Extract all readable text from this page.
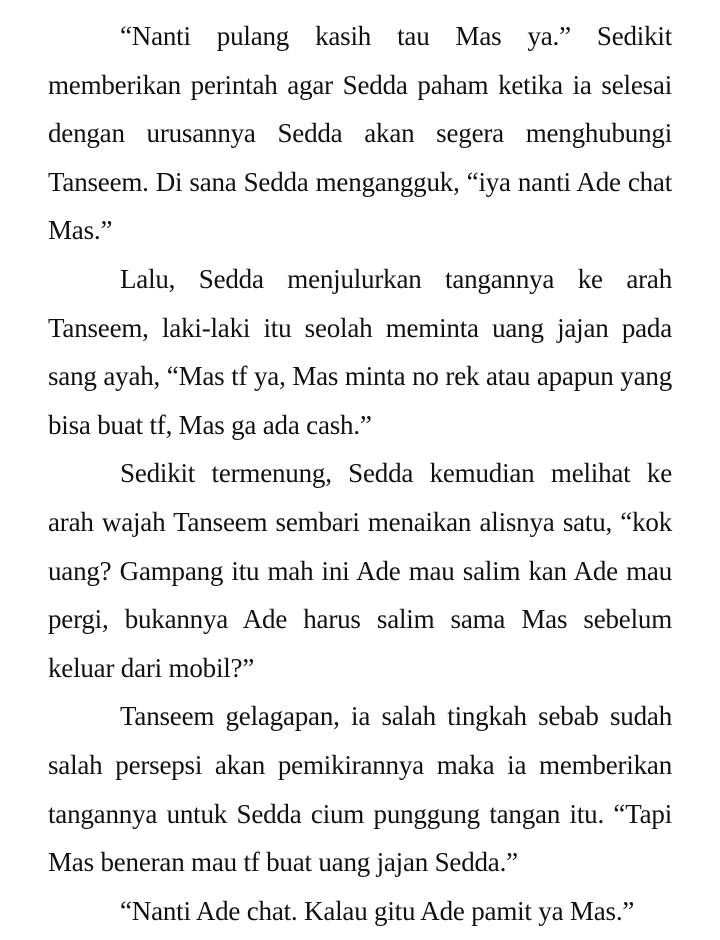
“Nanti pulang kasih tau Mas ya.” Sedikit memberikan perintah agar Sedda paham ketika ia selesai dengan urusannya Sedda akan segera menghubungi Tanseem. Di sana Sedda mengangguk, “iya nanti Ade chat Mas.”

Lalu, Sedda menjulurkan tangannya ke arah Tanseem, laki-laki itu seolah meminta uang jajan pada sang ayah, “Mas tf ya, Mas minta no rek atau apapun yang bisa buat tf, Mas ga ada cash.”

Sedikit termenung, Sedda kemudian melihat ke arah wajah Tanseem sembari menaikan alisnya satu, “kok uang? Gampang itu mah ini Ade mau salim kan Ade mau pergi, bukannya Ade harus salim sama Mas sebelum keluar dari mobil?”

Tanseem gelagapan, ia salah tingkah sebab sudah salah persepsi akan pemikirannya maka ia memberikan tangannya untuk Sedda cium punggung tangan itu. “Tapi Mas beneran mau tf buat uang jajan Sedda.”

“Nanti Ade chat. Kalau gitu Ade pamit ya Mas.”
